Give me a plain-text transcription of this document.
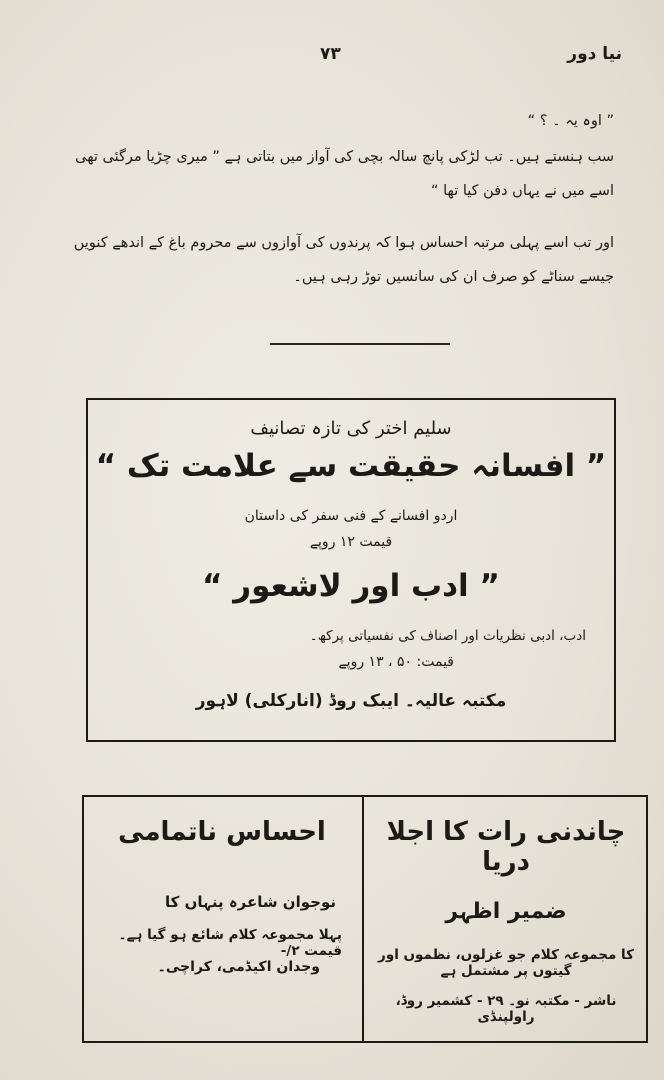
نیا دور
۷۳
” اوہ یہ ۔ ؟ “
سب ہنستے ہیں۔ تب لڑکی پانچ سالہ بچی کی آواز میں بتاتی ہے ” میری چڑیا مرگئی تھی اسے میں نے یہاں دفن کیا تھا “
اور تب اسے پہلی مرتبہ احساس ہوا کہ پرندوں کی آوازوں سے محروم باغ کے اندھے کنویں جیسے سناٹے کو صرف ان کی سانسیں توڑ رہی ہیں۔
سلیم اختر کی تازہ تصانیف
” افسانہ حقیقت سے علامت تک “
اردو افسانے کے فنی سفر کی داستان
قیمت ۱۲ روپے
” ادب اور لاشعور “
ادب، ادبی نظریات اور اصناف کی نفسیاتی پرکھ۔
قیمت: ۵۰ ، ۱۳ روپے
مکتبہ عالیہ۔ ایبک روڈ (انارکلی) لاہور
چاندنی رات کا اجلا دریا
ضمیر اظہر
کا مجموعہ کلام جو غزلوں، نظموں اور گیتوں پر مشتمل ہے
ناشر - مکتبہ نو۔ ۲۹ - کشمیر روڈ، راولپنڈی
احساس ناتمامی
نوجوان شاعرہ پنہاں کا
پہلا مجموعہ کلام شائع ہو گیا ہے۔ قیمت ۲/-
وجدان اکیڈمی، کراچی۔
